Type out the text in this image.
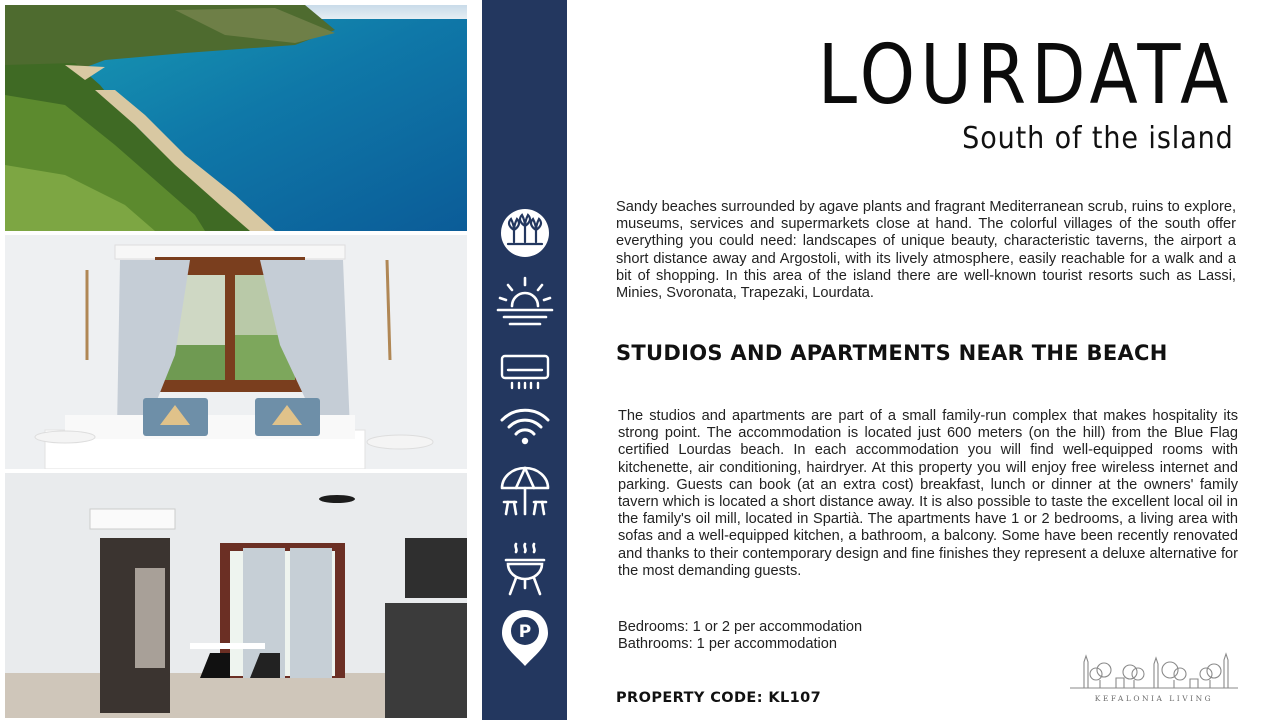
P
LOURDATA
South of the island

Sandy beaches surrounded by agave plants and fragrant Mediterranean scrub, ruins to explore, museums, services and supermarkets close at hand. The colorful villages of the south offer everything you could need: landscapes of unique beauty, characteristic taverns, the airport a short distance away and Argostoli, with its lively atmosphere, easily reachable for a walk and a bit of shopping. In this area of the island there are well-known tourist resorts such as Lassi, Minies, Svoronata, Trapezaki, Lourdata.

STUDIOS AND APARTMENTS NEAR THE BEACH

The studios and apartments are part of a small family-run complex that makes hospitality its strong point. The accommodation is located just 600 meters (on the hill) from the Blue Flag certified Lourdas beach. In each accommodation you will find well-equipped rooms with kitchenette, air conditioning, hairdryer. At this property you will enjoy free wireless internet and parking. Guests can book (at an extra cost) breakfast, lunch or dinner at the owners' family tavern which is located a short distance away. It is also possible to taste the excellent local oil in the family's oil mill, located in Spartià. The apartments have 1 or 2 bedrooms, a living area with sofas and a well-equipped kitchen, a bathroom, a balcony. Some have been recently renovated and thanks to their contemporary design and fine finishes they represent a deluxe alternative for the most demanding guests.

Bedrooms: 1 or 2 per accommodation
Bathrooms: 1 per accommodation
PROPERTY CODE: KL107	KEFALONIA LIVING
